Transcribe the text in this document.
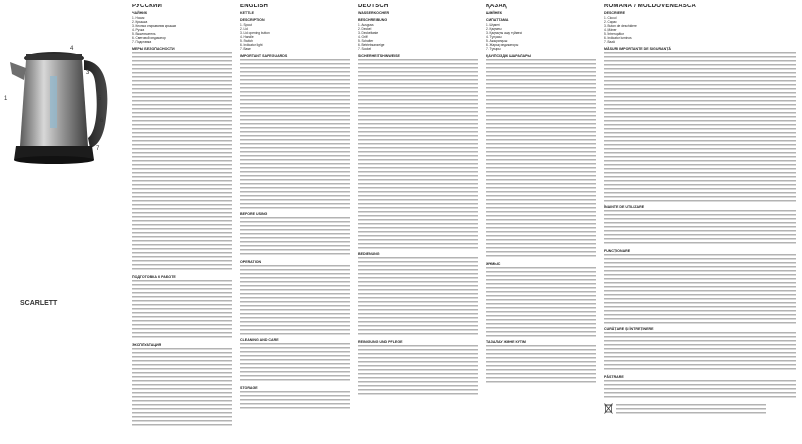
2
1
4
3
5
6
7
SCARLETT
РУССКИЙ
ЧАЙНИК
1. Носик
2. Крышка
3. Кнопка открывания крышки
4. Ручка
5. Выключатель
6. Световой индикатор
7. Подставка
МЕРЫ БЕЗОПАСНОСТИ
ПОДГОТОВКА К РАБОТЕ
ЭКСПЛУАТАЦИЯ
ENGLISH
KETTLE
DESCRIPTION
1. Spout
2. Lid
3. Lid opening button
4. Handle
5. Switch
6. Indicator light
7. Base
IMPORTANT SAFEGUARDS
BEFORE USING
OPERATION
CLEANING AND CARE
STORAGE
DEUTSCH
WASSERKOCHER
BESCHREIBUNG
1. Ausguss
2. Deckel
3. Deckeltaste
4. Griff
5. Schalter
6. Betriebsanzeige
7. Sockel
SICHERHEITSHINWEISE
BEDIENUNG
REINIGUNG UND PFLEGE
ҚАЗАҚ
ШӘЙНЕК
СИПАТТАМА
1. Шүмегі
2. Қақпағы
3. Қақпақты ашу түймесі
4. Тұтқасы
5. Ажыратқыш
6. Жарық индикаторы
7. Тұғыры
ҚАУІПСІЗДІК ШАРАЛАРЫ
ЖҰМЫС
ТАЗАЛАУ ЖӘНЕ КҮТІМ
ROMÂNĂ / MOLDOVENEASCĂ
DESCRIERE
1. Ciocul
2. Capac
3. Buton de deschidere
4. Mâner
5. Întrerupător
6. Indicator luminos
7. Bază
MĂSURI IMPORTANTE DE SIGURANȚĂ
ÎNAINTE DE UTILIZARE
FUNCȚIONARE
CURĂȚARE ȘI ÎNTREȚINERE
PĂSTRARE
